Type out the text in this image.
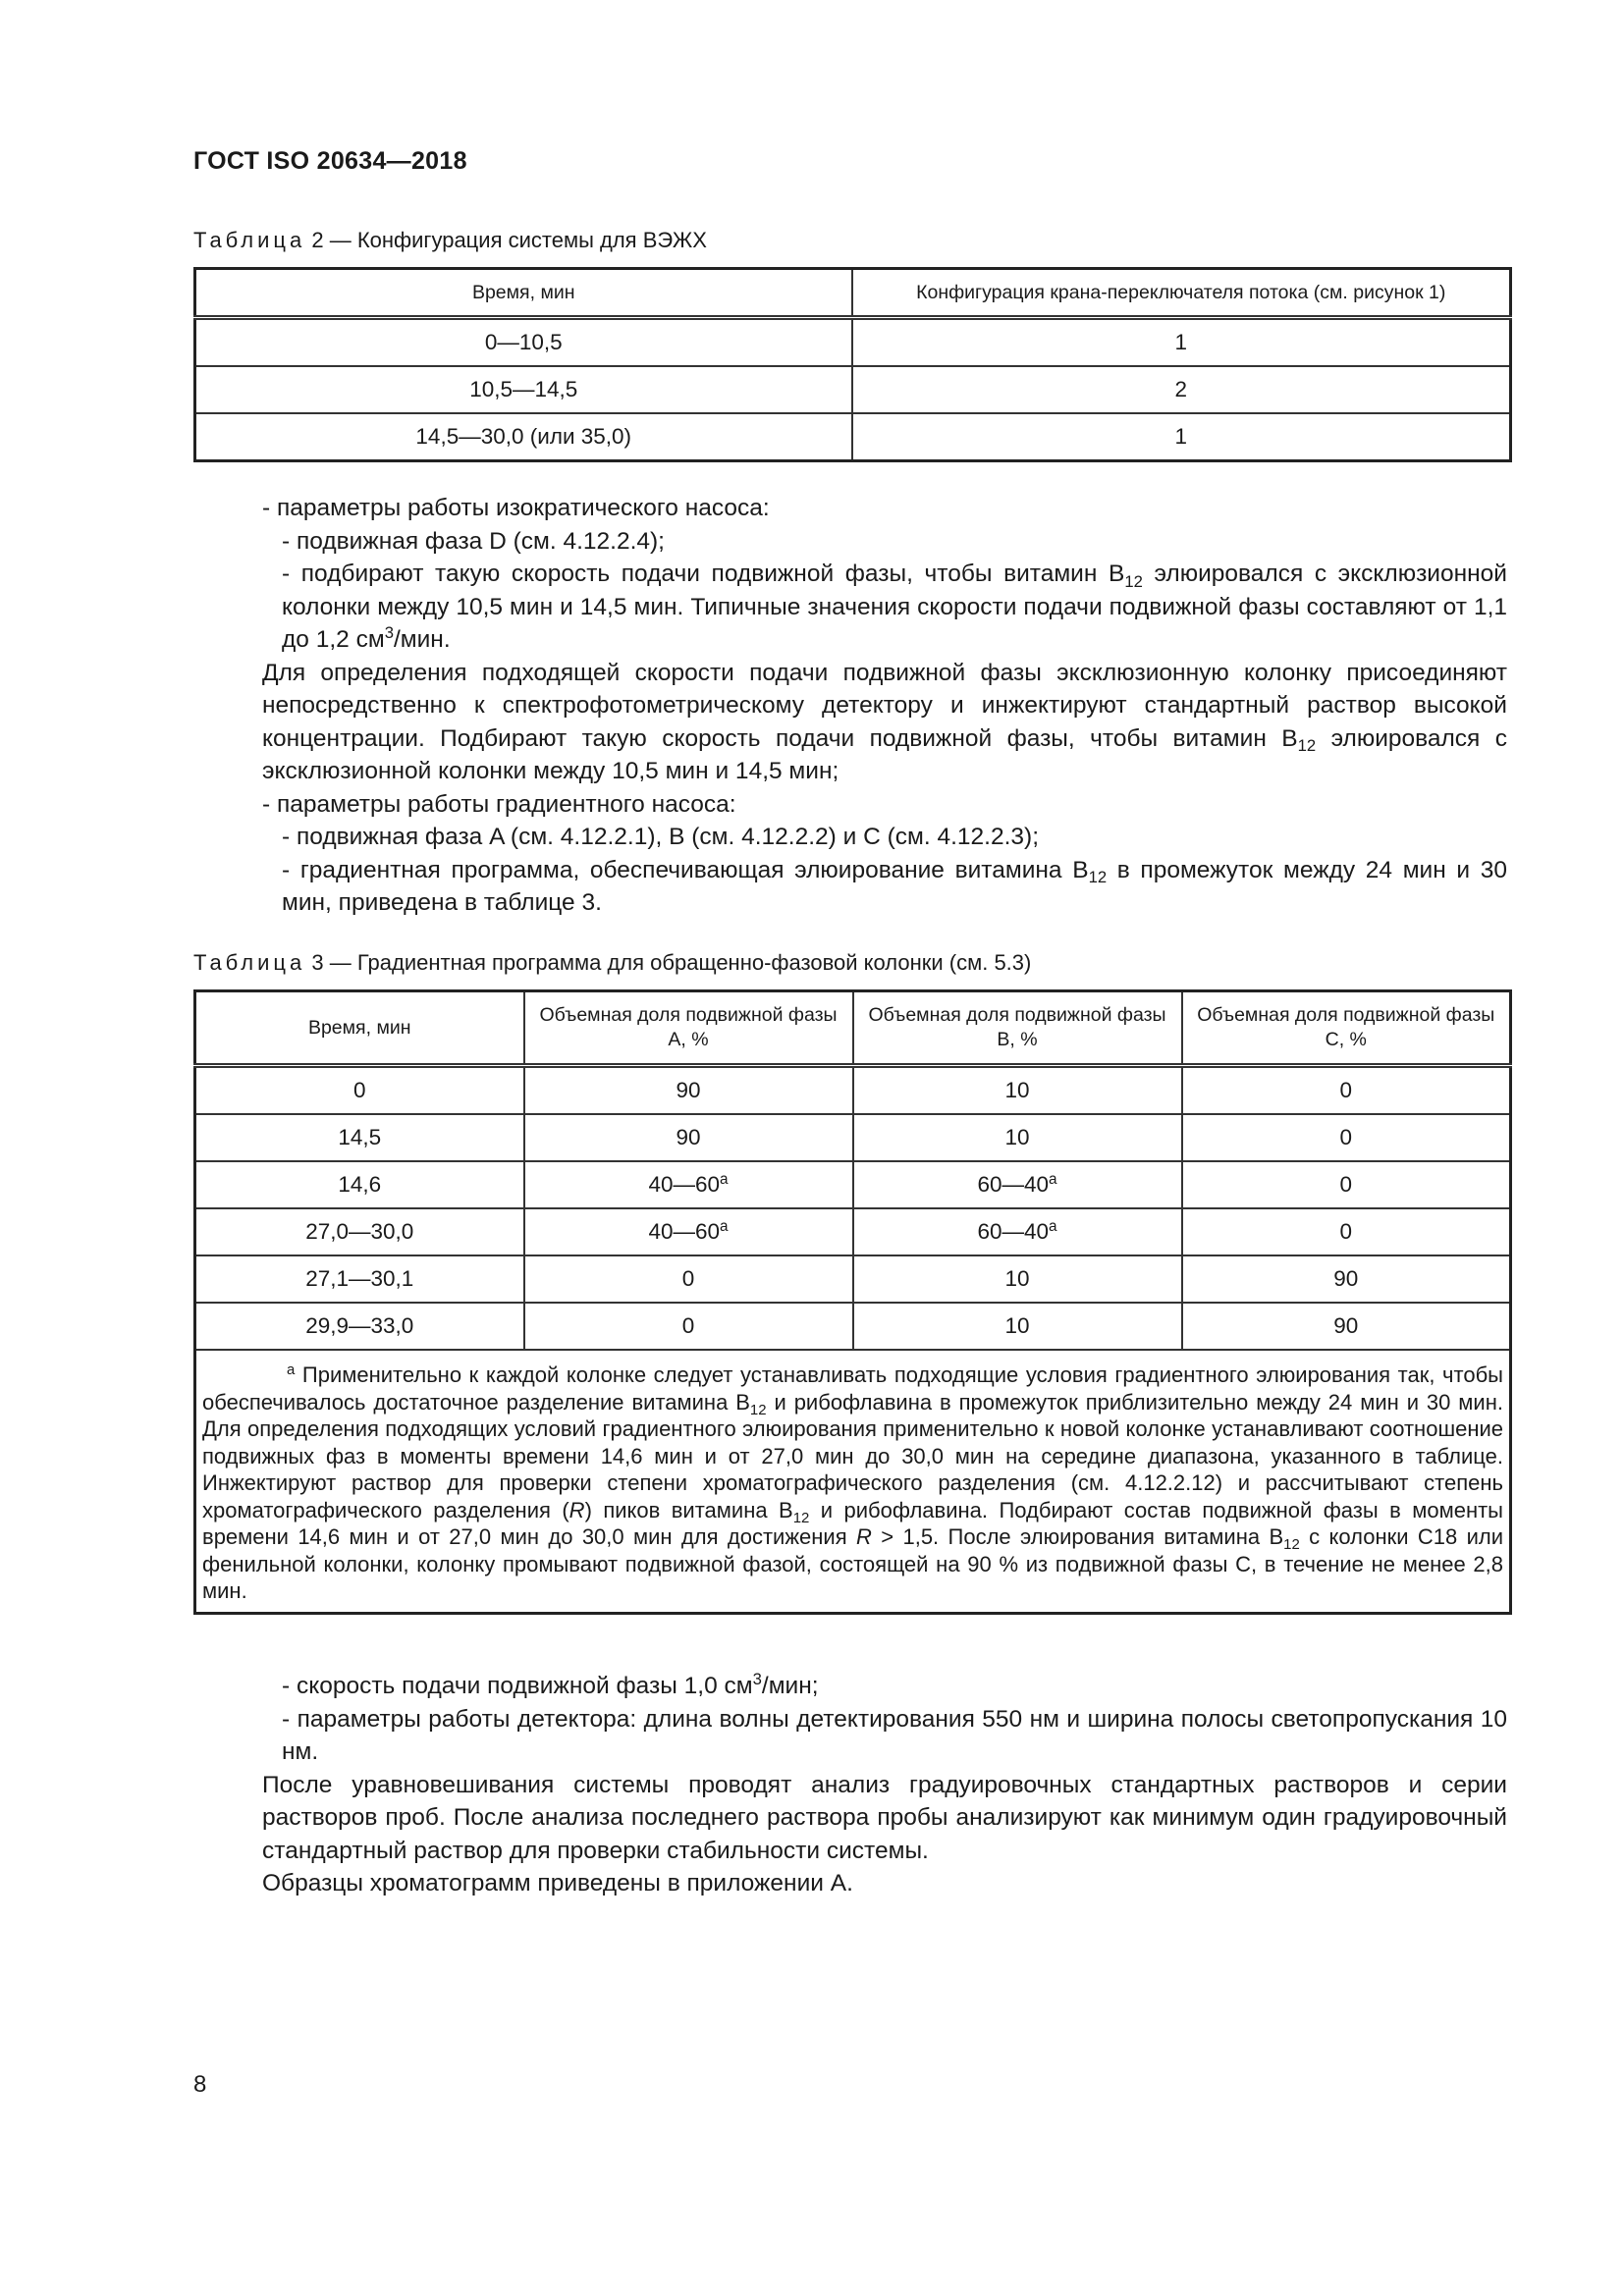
ГОСТ ISO 20634—2018
Таблица 2 — Конфигурация системы для ВЭЖХ
Время, мин	Конфигурация крана-переключателя потока (см. рисунок 1)
0—10,5	1
10,5—14,5	2
14,5—30,0 (или 35,0)	1

- параметры работы изократического насоса:

- подвижная фаза D (см. 4.12.2.4);

- подбирают такую скорость подачи подвижной фазы, чтобы витамин $B_{12}$ элюировался с эксклюзионной колонки между 10,5 мин и 14,5 мин. Типичные значения скорости подачи подвижной фазы составляют от 1,1 до 1,2 $см^3$/мин.

Для определения подходящей скорости подачи подвижной фазы эксклюзионную колонку присоединяют непосредственно к спектрофотометрическому детектору и инжектируют стандартный раствор высокой концентрации. Подбирают такую скорость подачи подвижной фазы, чтобы витамин $B_{12}$ элюировался с эксклюзионной колонки между 10,5 мин и 14,5 мин;

- параметры работы градиентного насоса:

- подвижная фаза A (см. 4.12.2.1), B (см. 4.12.2.2) и C (см. 4.12.2.3);

- градиентная программа, обеспечивающая элюирование витамина $B_{12}$ в промежуток между 24 мин и 30 мин, приведена в таблице 3.

Таблица 3 — Градиентная программа для обращенно-фазовой колонки (см. 5.3)
Время, мин	Объемная доля подвижной фазы A, %	Объемная доля подвижной фазы B, %	Объемная доля подвижной фазы C, %
0	90	10	0
14,5	90	10	0
14,6	40—60$^a$	60—40$^a$	0
27,0—30,0	40—60$^a$	60—40$^a$	0
27,1—30,1	0	10	90
29,9—33,0	0	10	90
$^a$ Применительно к каждой колонке следует устанавливать подходящие условия градиентного элюирования так, чтобы обеспечивалось достаточное разделение витамина $B_{12}$ и рибофлавина в промежуток приблизительно между 24 мин и 30 мин. Для определения подходящих условий градиентного элюирования применительно к новой колонке устанавливают соотношение подвижных фаз в моменты времени 14,6 мин и от 27,0 мин до 30,0 мин на середине диапазона, указанного в таблице. Инжектируют раствор для проверки степени хроматографического разделения (см. 4.12.2.12) и рассчитывают степень хроматографического разделения (R) пиков витамина $B_{12}$ и рибофлавина. Подбирают состав подвижной фазы в моменты времени 14,6 мин и от 27,0 мин до 30,0 мин для достижения R > 1,5. После элюирования витамина $B_{12}$ с колонки C18 или фенильной колонки, колонку промывают подвижной фазой, состоящей на 90 % из подвижной фазы C, в течение не менее 2,8 мин.			

- скорость подачи подвижной фазы 1,0 $см^3$/мин;

- параметры работы детектора: длина волны детектирования 550 нм и ширина полосы светопропускания 10 нм.

После уравновешивания системы проводят анализ градуировочных стандартных растворов и серии растворов проб. После анализа последнего раствора пробы анализируют как минимум один градуировочный стандартный раствор для проверки стабильности системы.

Образцы хроматограмм приведены в приложении А.

8
